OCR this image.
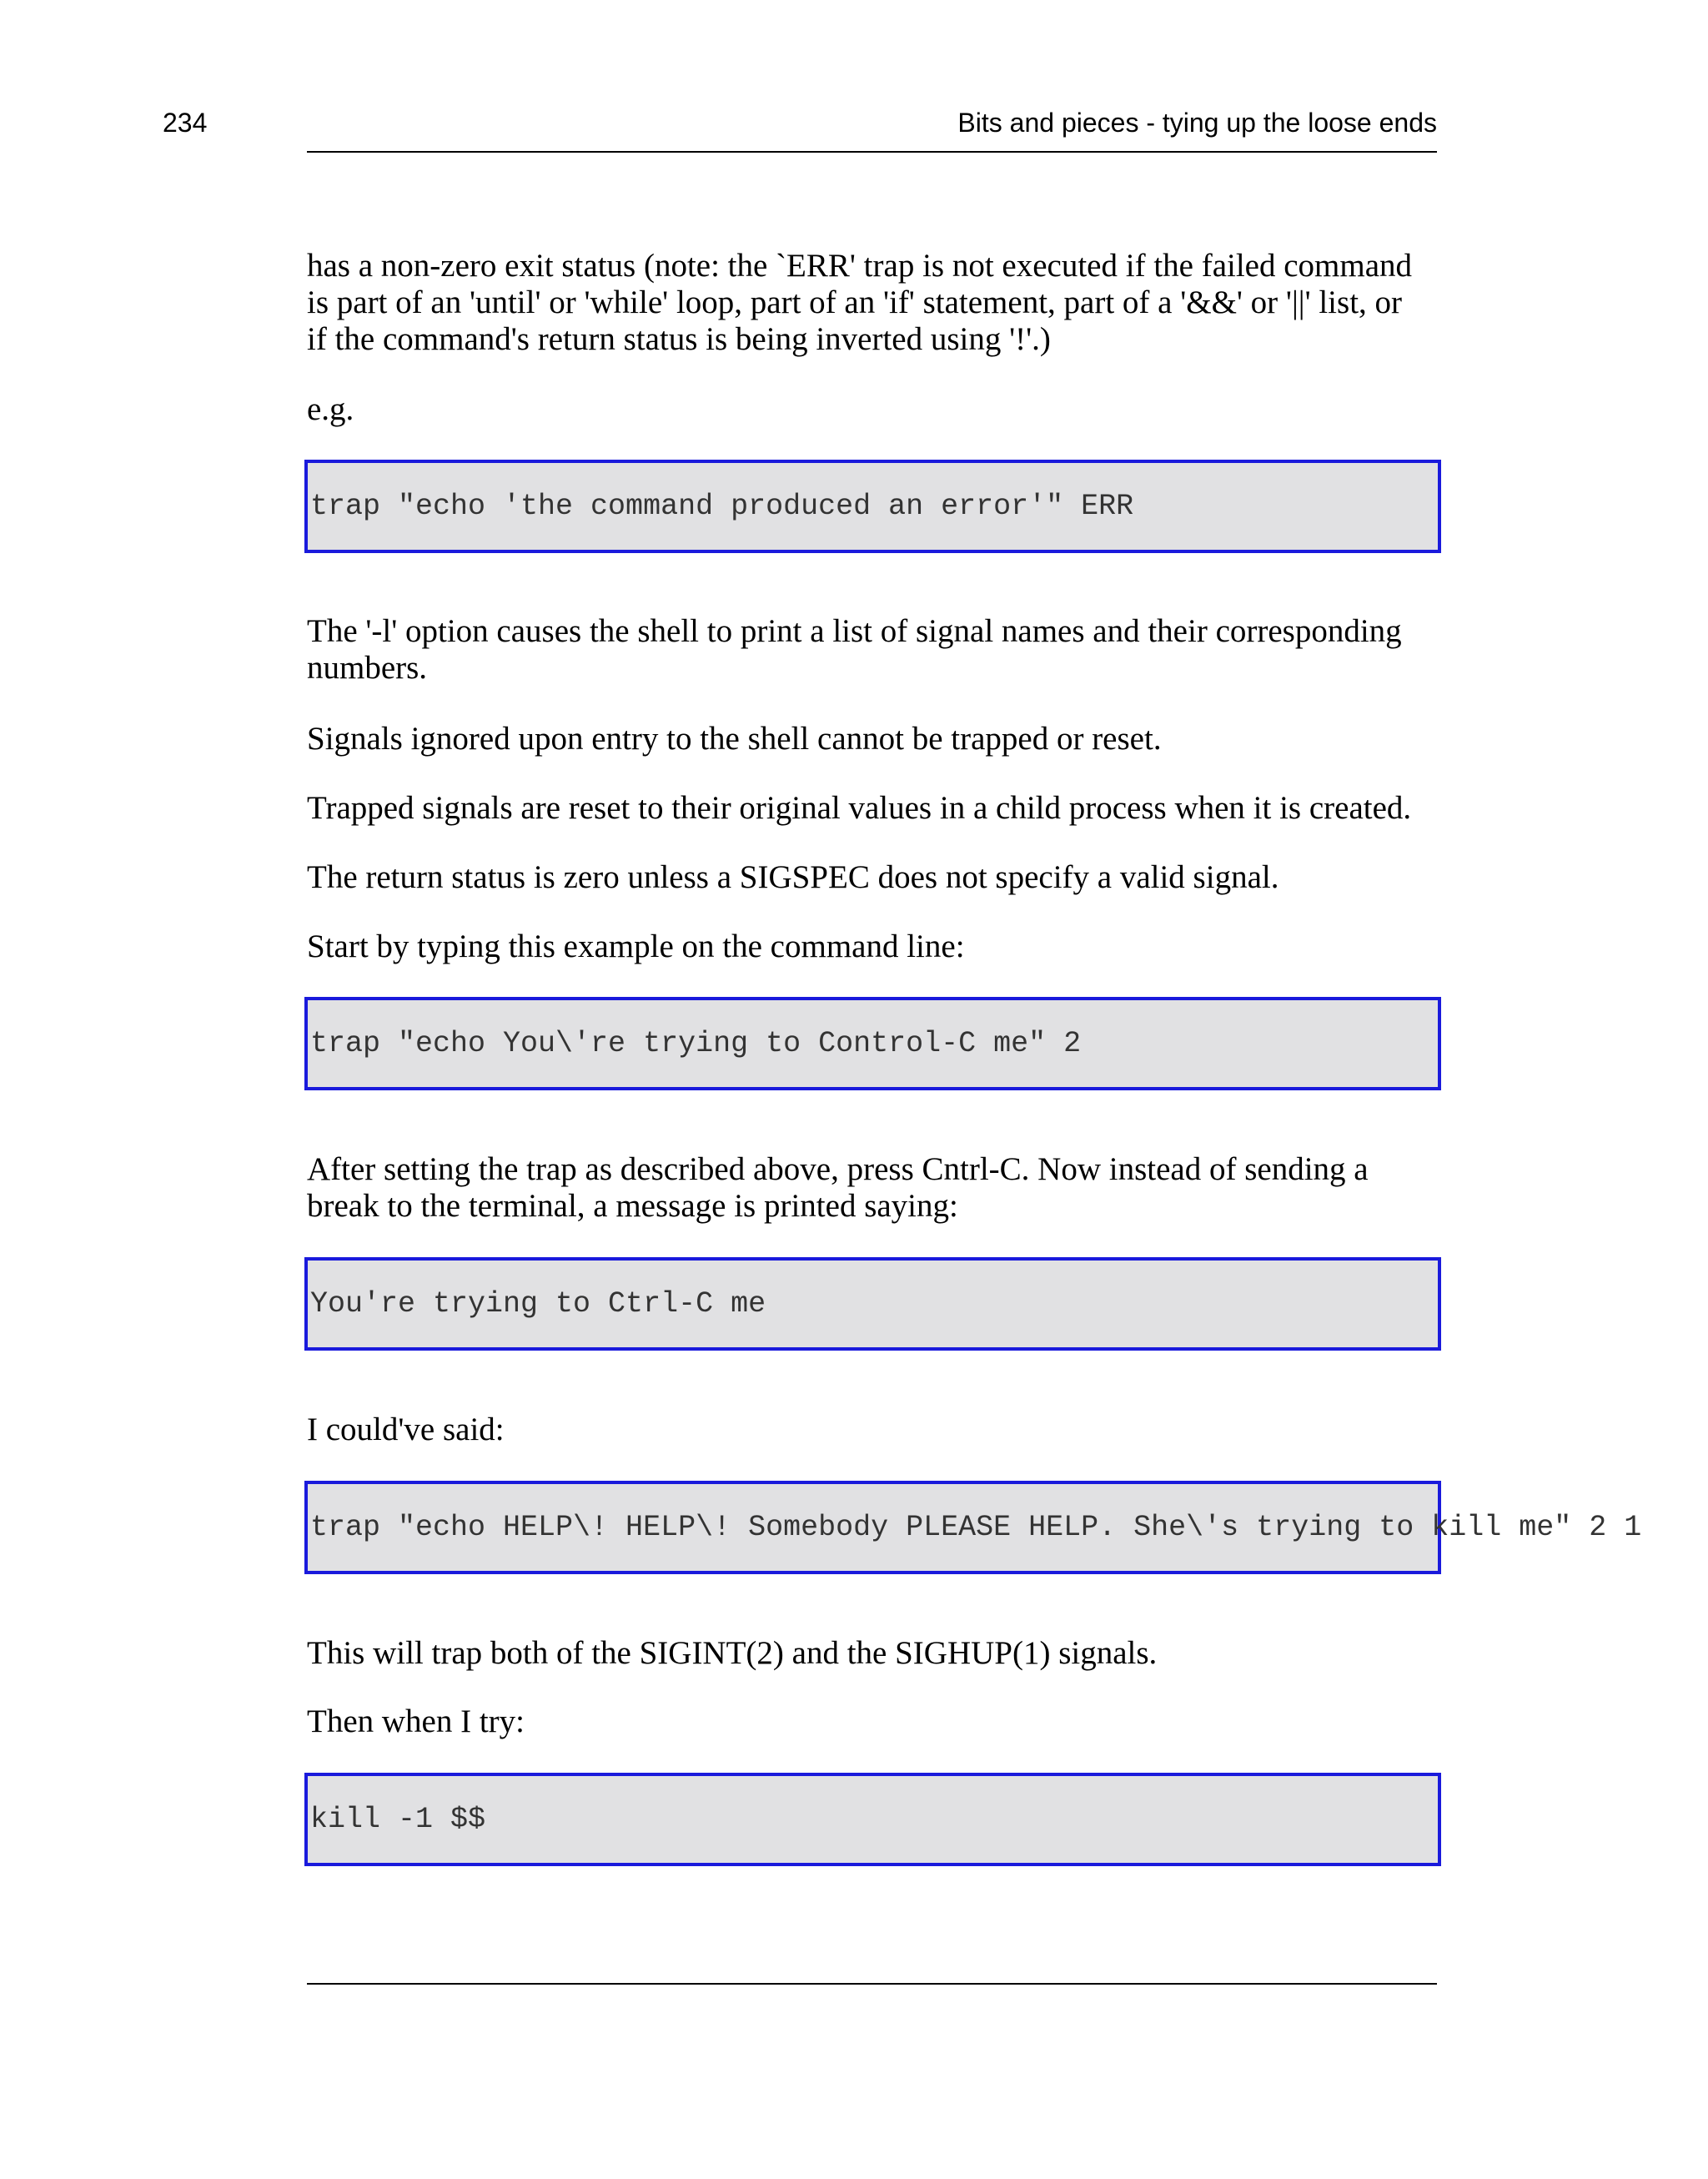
234	Bits and pieces - tying up the loose ends
has a non-zero exit status (note: the `ERR' trap is not executed if the failed command
is part of an 'until' or 'while' loop, part of an 'if' statement, part of a '&&' or '||' list, or
if the command's return status is being inverted using '!'.)
e.g.
trap "echo 'the command produced an error'" ERR
The '-l' option causes the shell to print a list of signal names and their corresponding
numbers.
Signals ignored upon entry to the shell cannot be trapped or reset.
Trapped signals are reset to their original values in a child process when it is created.
The return status is zero unless a SIGSPEC does not specify a valid signal.
Start by typing this example on the command line:
trap "echo You\'re trying to Control-C me" 2
After setting the trap as described above, press Cntrl-C. Now instead of sending a
break to the terminal, a message is printed saying:
You're trying to Ctrl-C me
I could've said:
trap "echo HELP\! HELP\! Somebody PLEASE HELP. She\'s trying to kill me" 2 1
This will trap both of the SIGINT(2) and the SIGHUP(1) signals.
Then when I try:
kill -1 $$
